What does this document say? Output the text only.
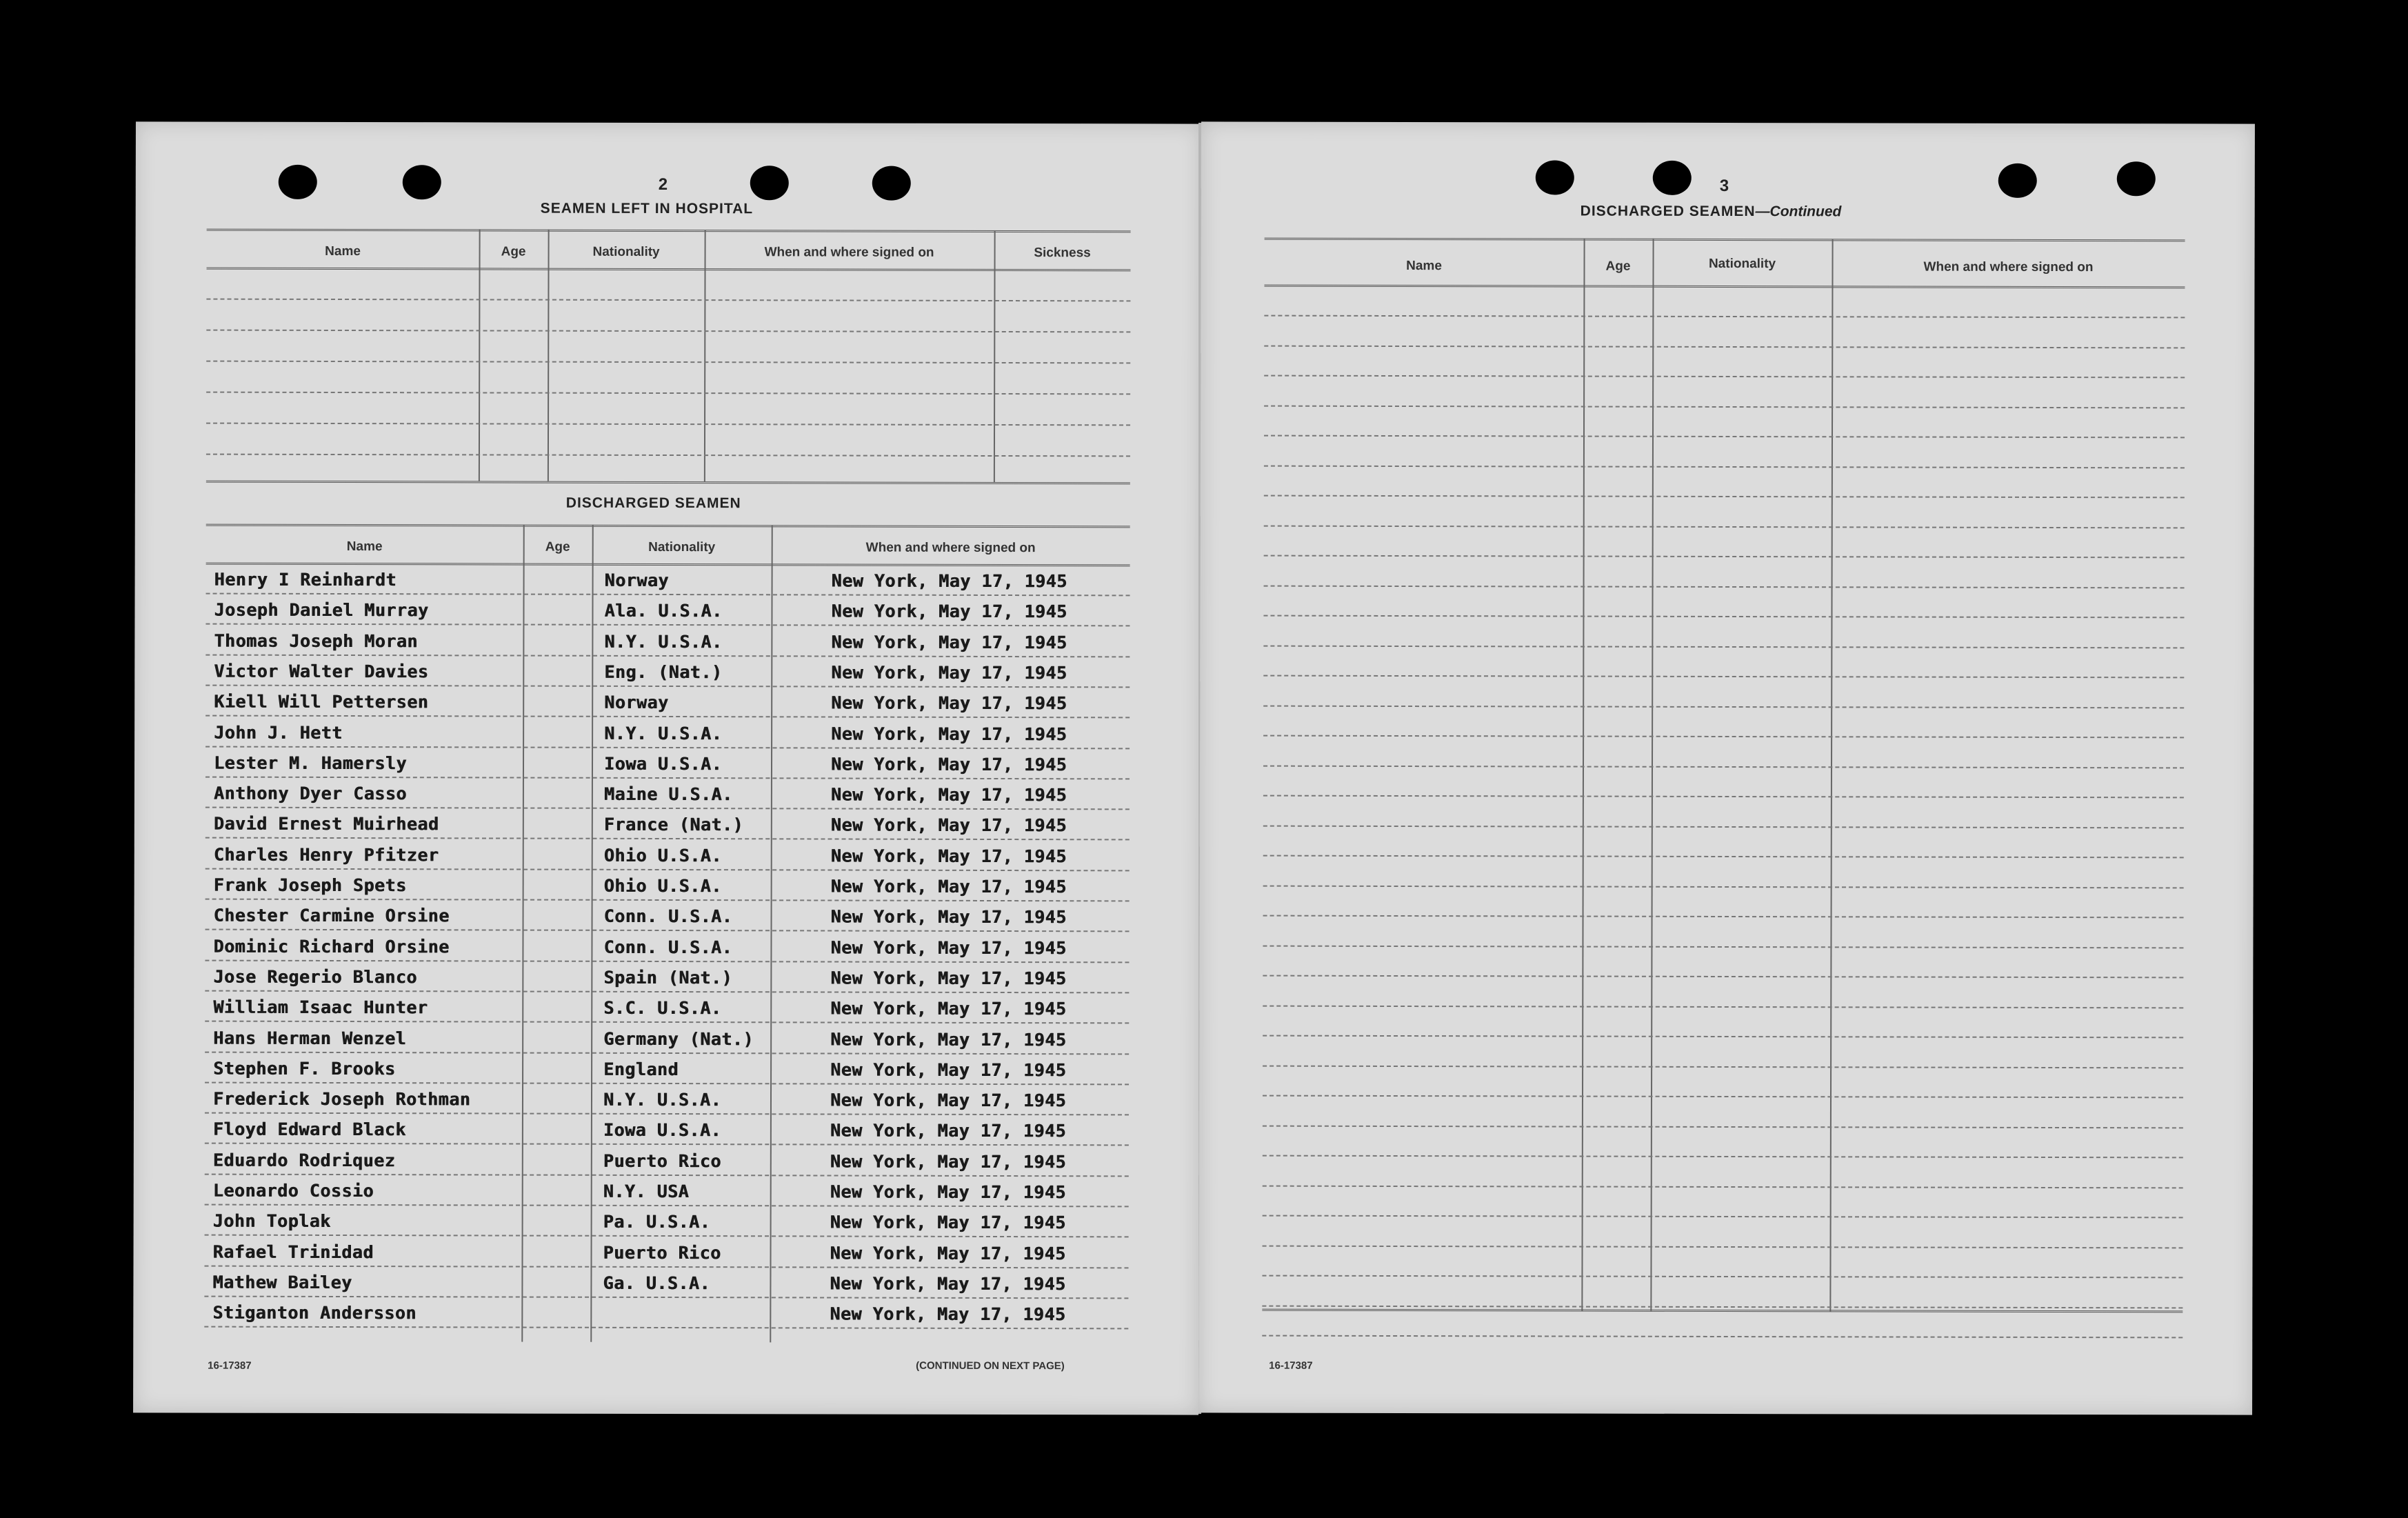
2
SEAMEN LEFT IN HOSPITAL
Name	Age	Nationality	When and where signed on	Sickness
DISCHARGED SEAMEN
Name	Age	Nationality	When and where signed on
Henry I Reinhardt	Norway	New York, May 17, 1945
Joseph Daniel Murray	Ala. U.S.A.	New York, May 17, 1945
Thomas Joseph Moran	N.Y. U.S.A.	New York, May 17, 1945
Victor Walter Davies	Eng. (Nat.)	New York, May 17, 1945
Kiell Will Pettersen	Norway	New York, May 17, 1945
John J. Hett	N.Y. U.S.A.	New York, May 17, 1945
Lester M. Hamersly	Iowa U.S.A.	New York, May 17, 1945
Anthony Dyer Casso	Maine U.S.A.	New York, May 17, 1945
David Ernest Muirhead	France (Nat.)	New York, May 17, 1945
Charles Henry Pfitzer	Ohio U.S.A.	New York, May 17, 1945
Frank Joseph Spets	Ohio U.S.A.	New York, May 17, 1945
Chester Carmine Orsine	Conn. U.S.A.	New York, May 17, 1945
Dominic Richard Orsine	Conn. U.S.A.	New York, May 17, 1945
Jose Regerio Blanco	Spain (Nat.)	New York, May 17, 1945
William Isaac Hunter	S.C. U.S.A.	New York, May 17, 1945
Hans Herman Wenzel	Germany (Nat.)	New York, May 17, 1945
Stephen F. Brooks	England	New York, May 17, 1945
Frederick Joseph Rothman	N.Y. U.S.A.	New York, May 17, 1945
Floyd Edward Black	Iowa U.S.A.	New York, May 17, 1945
Eduardo Rodriquez	Puerto Rico	New York, May 17, 1945
Leonardo Cossio	N.Y. USA	New York, May 17, 1945
John Toplak	Pa. U.S.A.	New York, May 17, 1945
Rafael Trinidad	Puerto Rico	New York, May 17, 1945
Mathew Bailey	Ga. U.S.A.	New York, May 17, 1945
Stiganton Andersson	New York, May 17, 1945
16-17387	(CONTINUED ON NEXT PAGE)
3
DISCHARGED SEAMEN—Continued
Name	Age	Nationality	When and where signed on
16-17387
